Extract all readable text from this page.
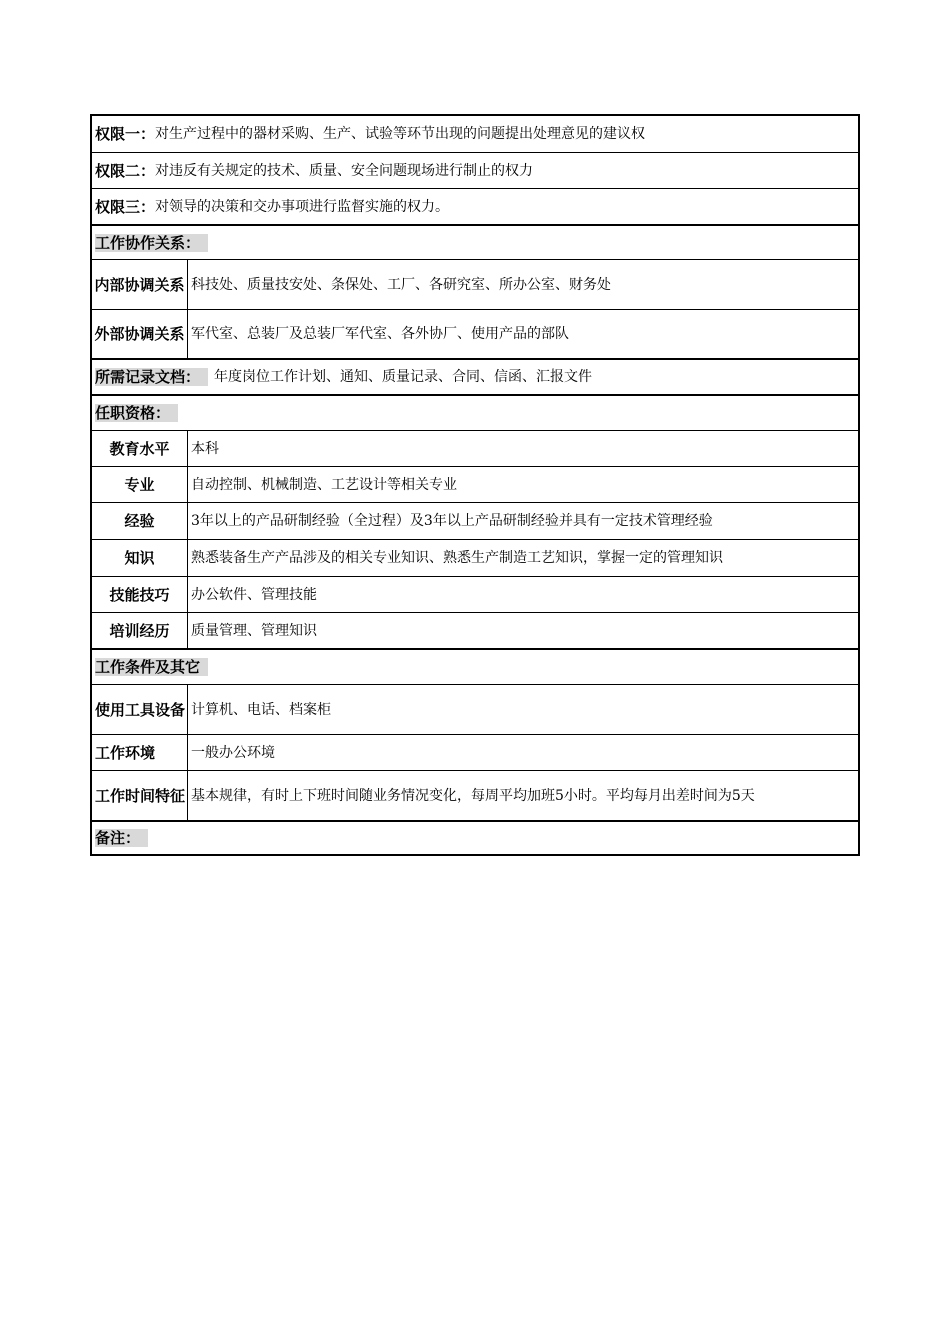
权限一： 对生产过程中的器材采购、生产、试验等环节出现的问题提出处理意见的建议权
权限二： 对违反有关规定的技术、质量、安全问题现场进行制止的权力
权限三： 对领导的决策和交办事项进行监督实施的权力。
工作协作关系：
内部协调关系 科技处、质量技安处、条保处、工厂、各研究室、所办公室、财务处
外部协调关系 军代室、总装厂及总装厂军代室、各外协厂、使用产品的部队
所需记录文档：	年度岗位工作计划、通知、质量记录、合同、信函、汇报文件
任职资格：
教育水平	本科
专业	自动控制、机械制造、工艺设计等相关专业
经验	3年以上的产品研制经验（全过程）及3年以上产品研制经验并具有一定技术管理经验
知识	熟悉装备生产产品涉及的相关专业知识、熟悉生产制造工艺知识，掌握一定的管理知识
技能技巧	办公软件、管理技能
培训经历	质量管理、管理知识
工作条件及其它
使用工具设备 计算机、电话、档案柜
工作环境	一般办公环境
工作时间特征 基本规律，有时上下班时间随业务情况变化，每周平均加班5小时。平均每月出差时间为5天
备注：
